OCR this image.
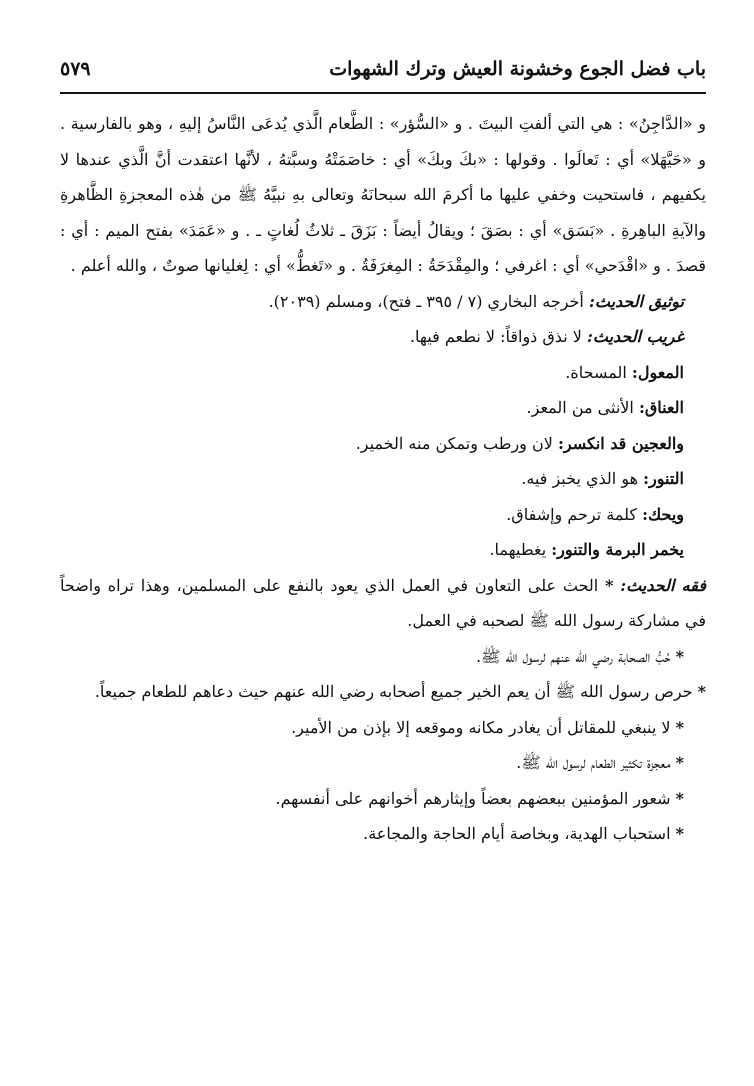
باب فضل الجوع وخشونة العيش وترك الشهوات
٥٧٩

و «الدَّاجِنُ» : هي التي ألفتِ البيتَ . و «السُّؤر» : الطَّعام الَّذي يُدعَى النَّاسُ إليهِ ، وهو بالفارسية . و «حَيَّهَلا» أي : تَعالَوا . وقولها : «بكَ وبكَ» أي : خاصَمَتْهُ وسبَّتهُ ، لأنَّها اعتقدت أنَّ الَّذي عندها لا يكفيهم ، فاستحيت وخفي عليها ما أكرمَ الله سبحانَهُ وتعالى بهِ نبيَّهُ ﷺ من هٰذه المعجزةِ الظَّاهرةِ والآيةِ الباهِرةِ . «بَسَق» أي : بصَقَ ؛ ويقالُ أيضاً : بَزَقَ ـ ثلاثُ لُغاتٍ ـ . و «عَمَدَ» بفتح الميم : أي : قصدَ . و «اقْدَحي» أي : اغرفي ؛ والمِقْدَحَةُ : المِغرَفَةُ . و «تَغطُّ» أي : لِغليانها صوتٌ ، والله أعلم .

توثيق الحديث: أخرجه البخاري (٧ / ٣٩٥ ـ فتح)، ومسلم (٢٠٣٩).
غريب الحديث: لا نذق ذواقاً: لا نطعم فيها.
المعول: المسحاة.
العناق: الأنثى من المعز.
والعجين قد انكسر: لان ورطب وتمكن منه الخمير.
التنور: هو الذي يخبز فيه.
ويحك: كلمة ترحم وإشفاق.
يخمر البرمة والتنور: يغطيهما.

فقه الحديث: * الحث على التعاون في العمل الذي يعود بالنفع على المسلمين، وهذا تراه واضحاً في مشاركة رسول الله ﷺ لصحبه في العمل.

* حُبُّ الصحابة رضي الله عنهم لرسول الله ﷺ.

* حرص رسول الله ﷺ أن يعم الخير جميع أصحابه رضي الله عنهم حيث دعاهم للطعام جميعاً.

* لا ينبغي للمقاتل أن يغادر مكانه وموقعه إلا بإذن من الأمير.

* معجزة تكثير الطعام لرسول الله ﷺ.

* شعور المؤمنين ببعضهم بعضاً وإيثارهم أخوانهم على أنفسهم.

* استحباب الهدية، وبخاصة أيام الحاجة والمجاعة.
